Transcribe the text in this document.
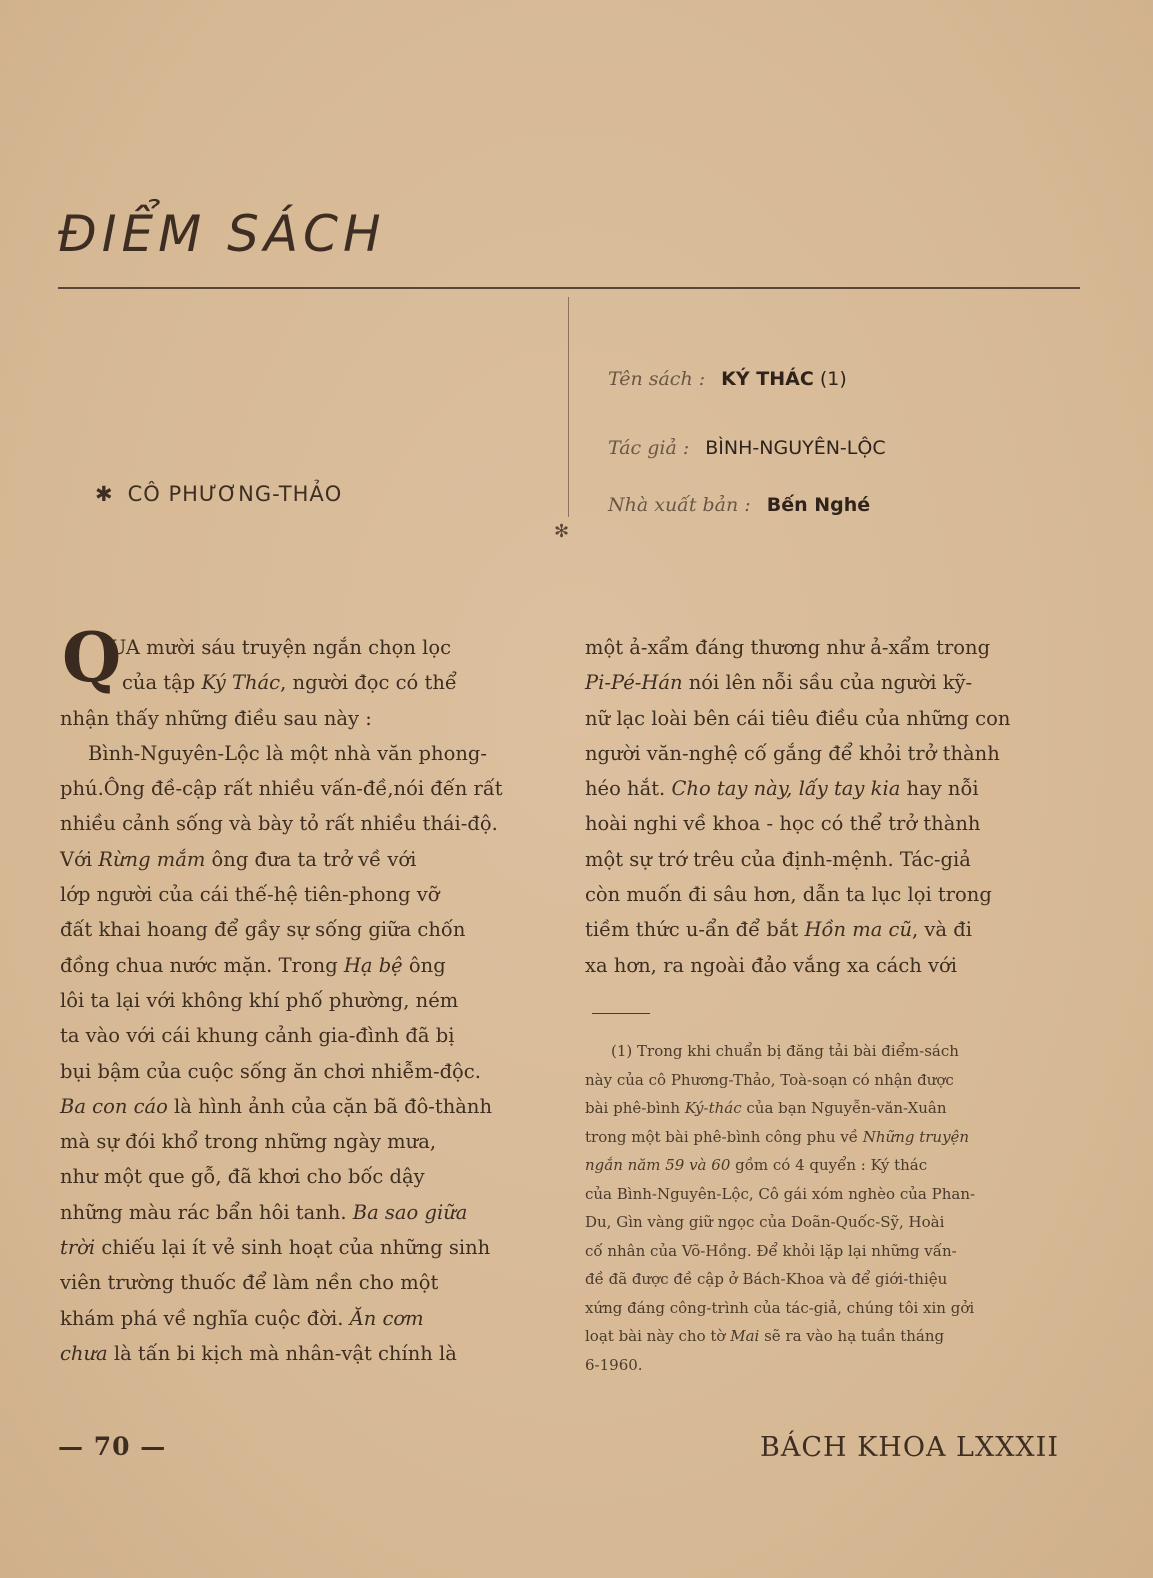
ĐIỂM SÁCH
✱ CÔ PHƯƠNG-THẢO
Tên sách : KÝ THÁC (1)
Tác giả : BÌNH-NGUYÊN-LỘC
Nhà xuất bản : Bến Nghé
✻
Q
UA mười sáu truyện ngắn chọn lọc
của tập Ký Thác, người đọc có thể
nhận thấy những điều sau này :
Bình-Nguyên-Lộc là một nhà văn phong-
phú.Ông đề-cập rất nhiều vấn-đề,nói đến rất
nhiều cảnh sống và bày tỏ rất nhiều thái-độ.
Với Rừng mắm ông đưa ta trở về với
lớp người của cái thế-hệ tiên-phong vỡ
đất khai hoang để gầy sự sống giữa chốn
đồng chua nước mặn. Trong Hạ bệ ông
lôi ta lại với không khí phố phường, ném
ta vào với cái khung cảnh gia-đình đã bị
bụi bậm của cuộc sống ăn chơi nhiễm-độc.
Ba con cáo là hình ảnh của cặn bã đô-thành
mà sự đói khổ trong những ngày mưa,
như một que gỗ, đã khơi cho bốc dậy
những màu rác bẩn hôi tanh. Ba sao giữa
trời chiếu lại ít vẻ sinh hoạt của những sinh
viên trường thuốc để làm nền cho một
khám phá về nghĩa cuộc đời. Ăn cơm
chưa là tấn bi kịch mà nhân-vật chính là
một ả-xẩm đáng thương như ả-xẩm trong
Pi-Pé-Hán nói lên nỗi sầu của người kỹ-
nữ lạc loài bên cái tiêu điều của những con
người văn-nghệ cố gắng để khỏi trở thành
héo hắt. Cho tay này, lấy tay kia hay nỗi
hoài nghi về khoa - học có thể trở thành
một sự trớ trêu của định-mệnh. Tác-giả
còn muốn đi sâu hơn, dẫn ta lục lọi trong
tiềm thức u-ẩn để bắt Hồn ma cũ, và đi
xa hơn, ra ngoài đảo vắng xa cách với
(1) Trong khi chuẩn bị đăng tải bài điểm-sách
này của cô Phương-Thảo, Toà-soạn có nhận được
bài phê-bình Ký-thác của bạn Nguyễn-văn-Xuân
trong một bài phê-bình công phu về Những truyện
ngắn năm 59 và 60 gồm có 4 quyển : Ký thác
của Bình-Nguyên-Lộc, Cô gái xóm nghèo của Phan-
Du, Gìn vàng giữ ngọc của Doãn-Quốc-Sỹ, Hoài
cố nhân của Võ-Hồng. Để khỏi lặp lại những vấn-
đề đã được đề cập ở Bách-Khoa và để giới-thiệu
xứng đáng công-trình của tác-giả, chúng tôi xin gởi
loạt bài này cho tờ Mai sẽ ra vào hạ tuần tháng
6-1960.
— 70 —	BÁCH KHOA LXXXII
